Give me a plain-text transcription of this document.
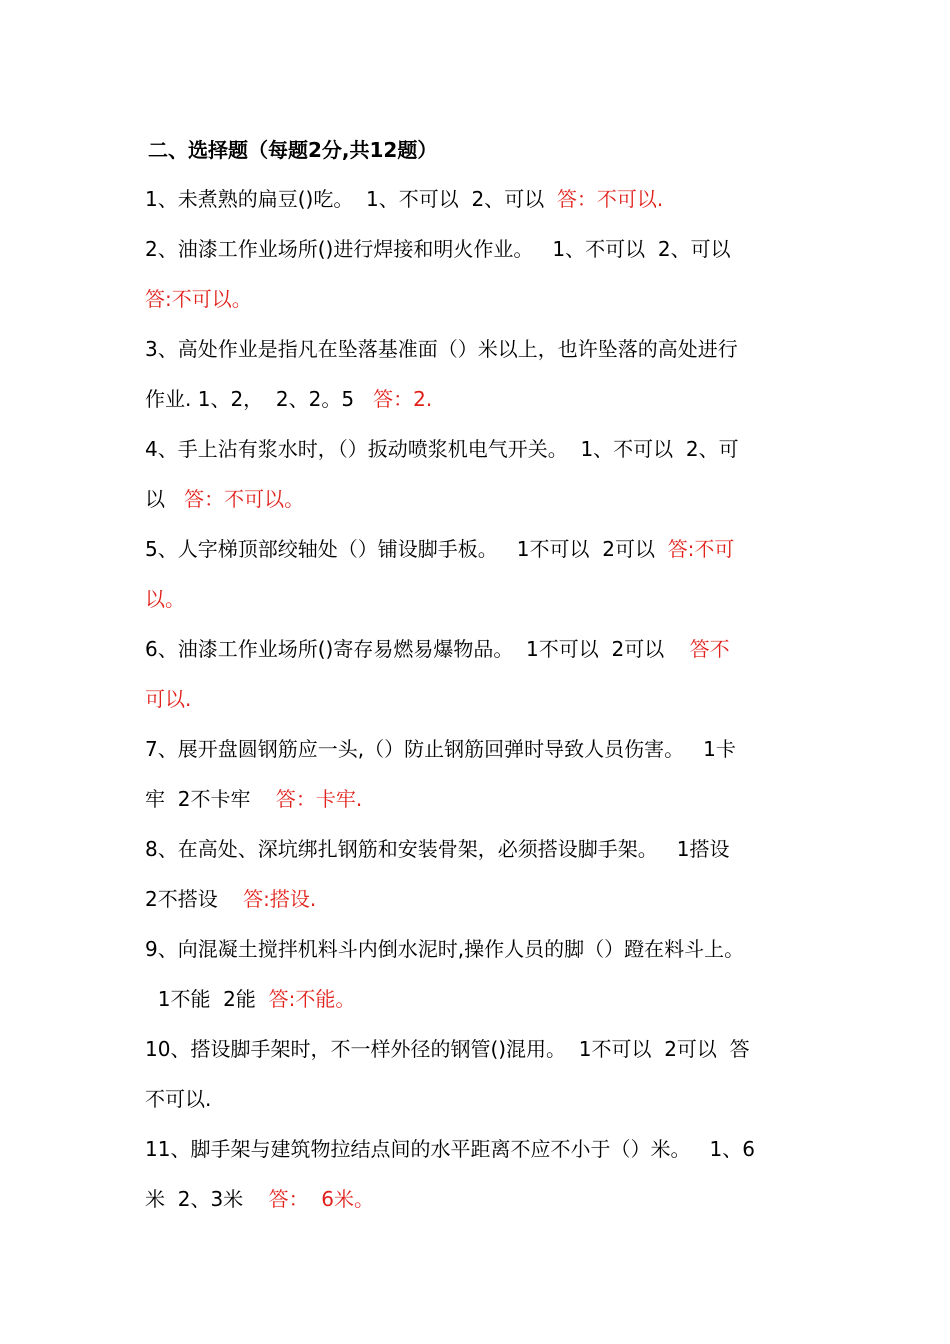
二、选择题（每题2分,共12题）
1、未煮熟的扁豆()吃。  1、不可以  2、可以  答：不可以.
2、油漆工作业场所()进行焊接和明火作业。   1、不可以  2、可以
答:不可以。
3、高处作业是指凡在坠落基准面（）米以上，也许坠落的高处进行
作业. 1、2，  2、2。5   答：2.
4、手上沾有浆水时，（）扳动喷浆机电气开关。  1、不可以  2、可
以   答：不可以。
5、人字梯顶部绞轴处（）铺设脚手板。   1不可以  2可以  答:不可
以。
6、油漆工作业场所()寄存易燃易爆物品。  1不可以  2可以    答不
可以.
7、展开盘圆钢筋应一头,（）防止钢筋回弹时导致人员伤害。   1卡
牢  2不卡牢    答：卡牢.
8、在高处、深坑绑扎钢筋和安装骨架，必须搭设脚手架。   1搭设
2不搭设    答:搭设.
9、向混凝土搅拌机料斗内倒水泥时,操作人员的脚（）蹬在料斗上。
1不能  2能  答:不能。
10、搭设脚手架时，不一样外径的钢管()混用。  1不可以  2可以  答
不可以.
11、脚手架与建筑物拉结点间的水平距离不应不小于（）米。   1、6
米  2、3米    答：  6米。
